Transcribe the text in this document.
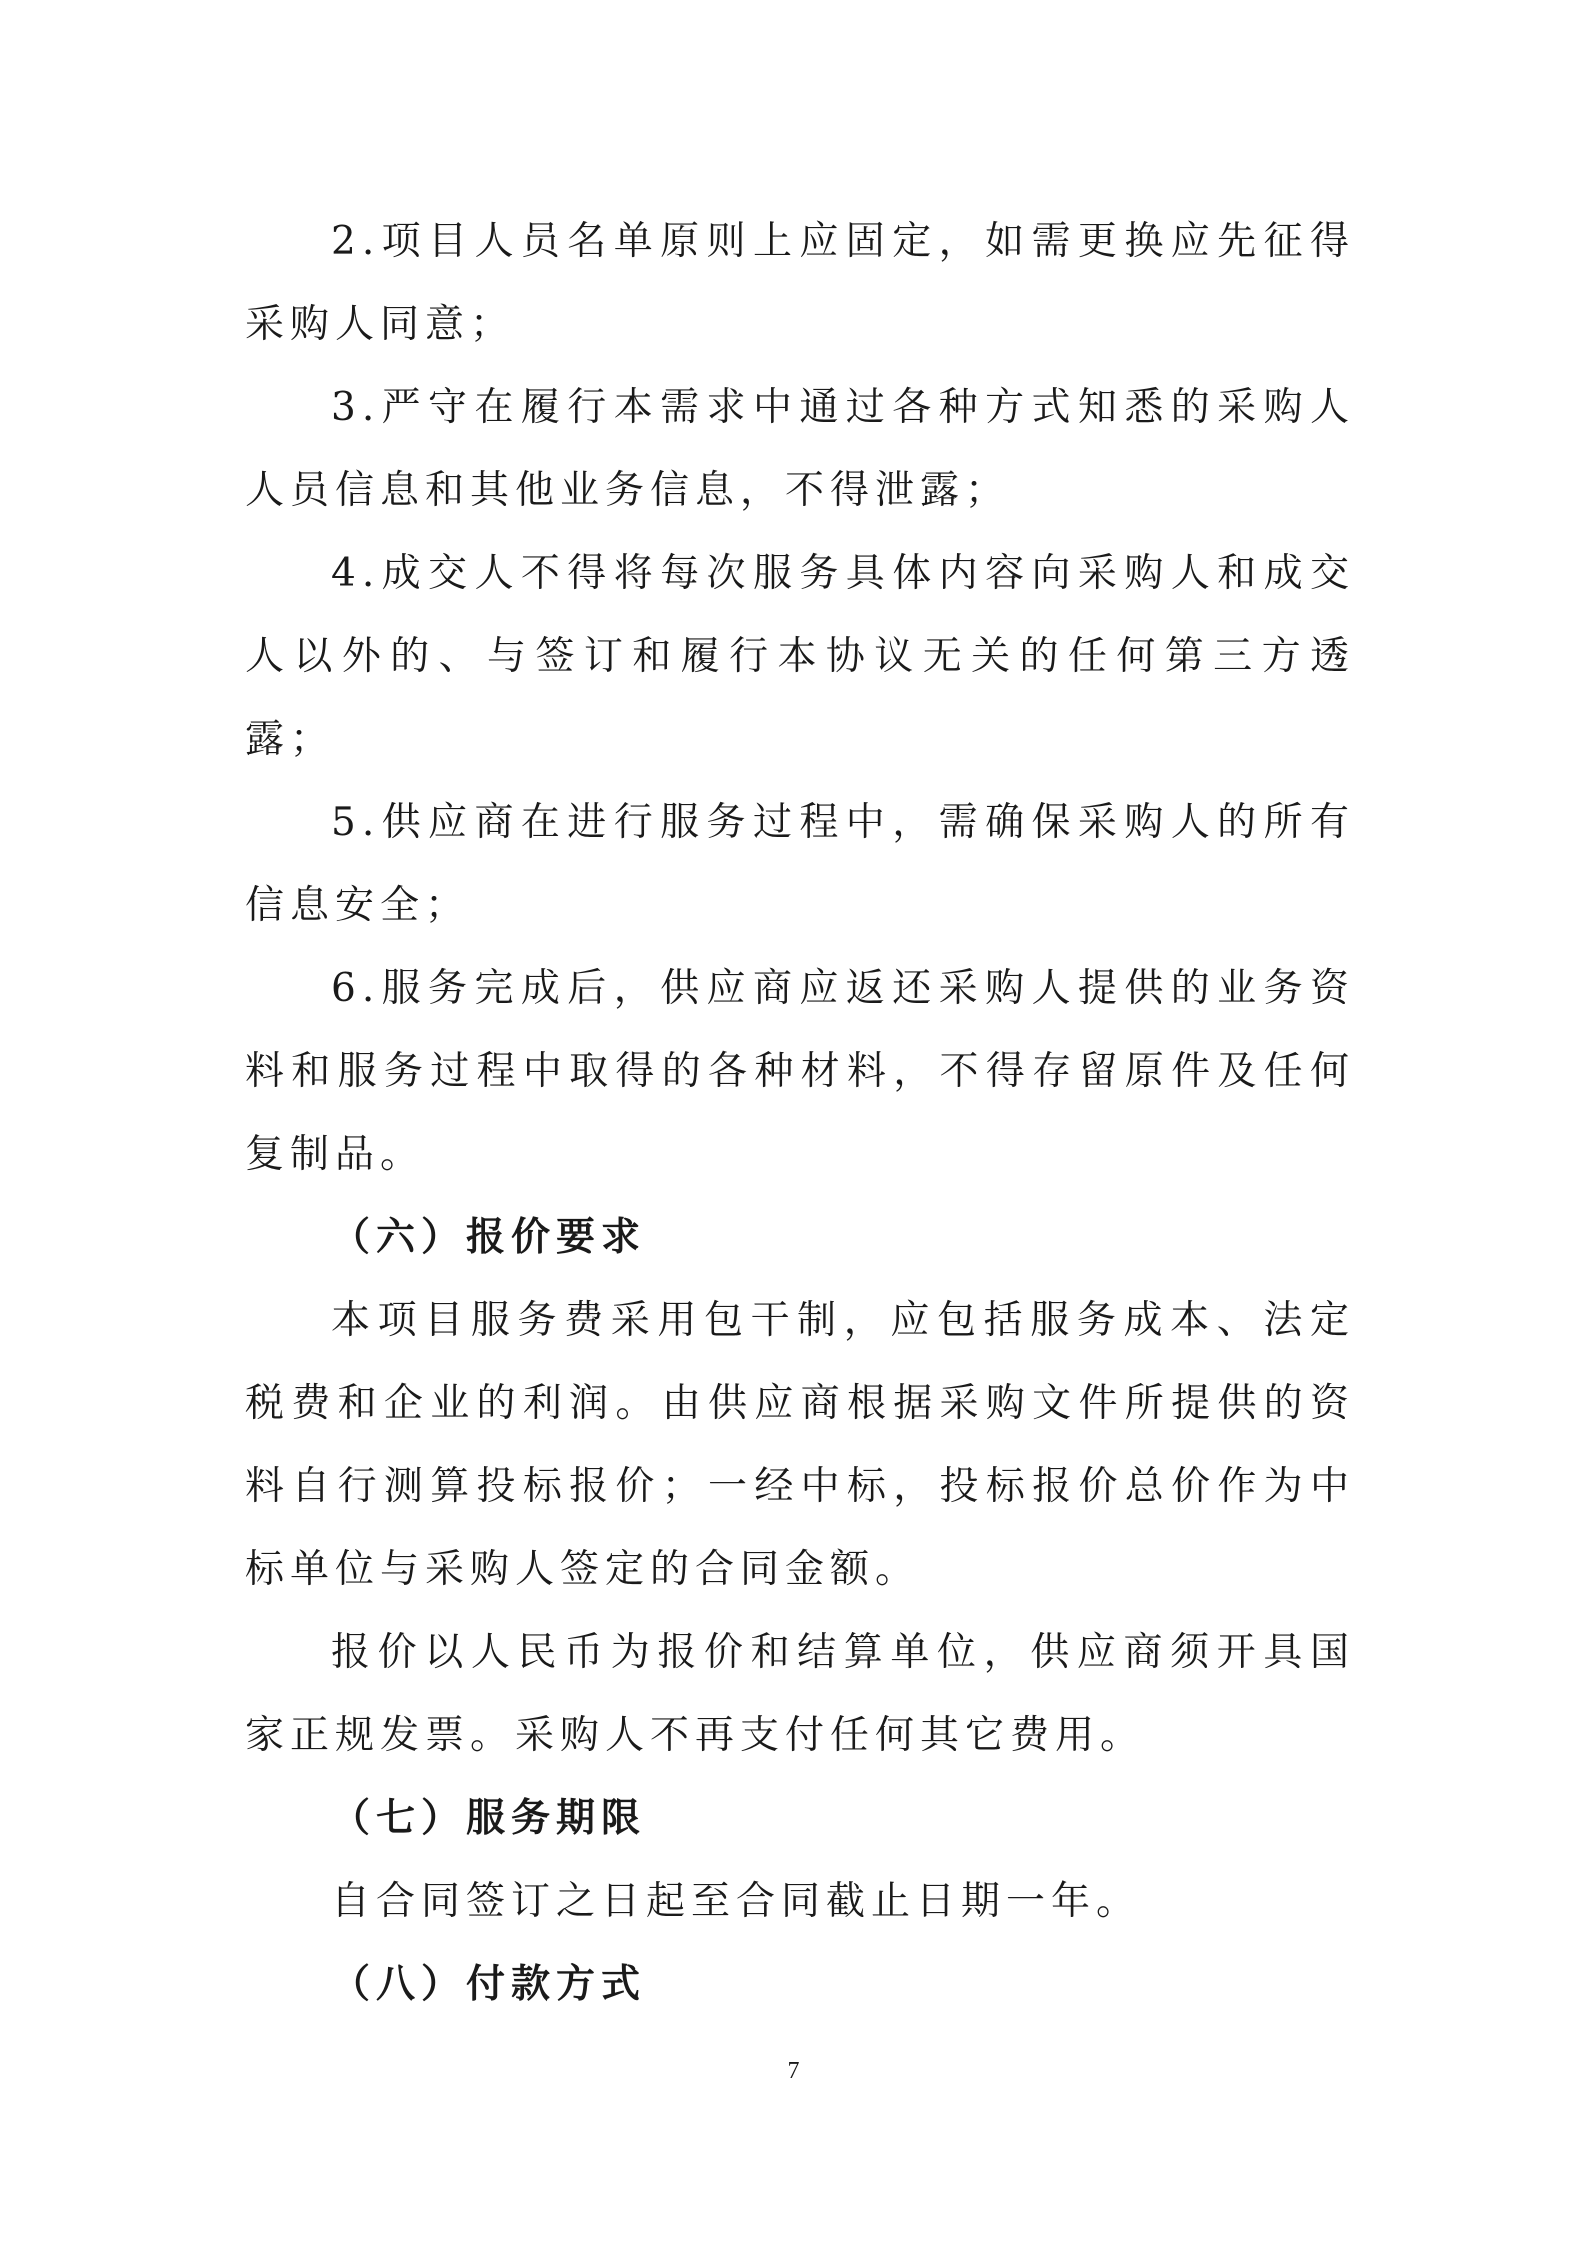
2.项目人员名单原则上应固定，如需更换应先征得采购人同意；

3.严守在履行本需求中通过各种方式知悉的采购人人员信息和其他业务信息，不得泄露；

4.成交人不得将每次服务具体内容向采购人和成交人以外的、与签订和履行本协议无关的任何第三方透露；

5.供应商在进行服务过程中，需确保采购人的所有信息安全；

6.服务完成后，供应商应返还采购人提供的业务资料和服务过程中取得的各种材料，不得存留原件及任何复制品。

（六）报价要求

本项目服务费采用包干制，应包括服务成本、法定税费和企业的利润。由供应商根据采购文件所提供的资料自行测算投标报价；一经中标，投标报价总价作为中标单位与采购人签定的合同金额。

报价以人民币为报价和结算单位，供应商须开具国家正规发票。采购人不再支付任何其它费用。

（七）服务期限

自合同签订之日起至合同截止日期一年。

（八）付款方式

7
